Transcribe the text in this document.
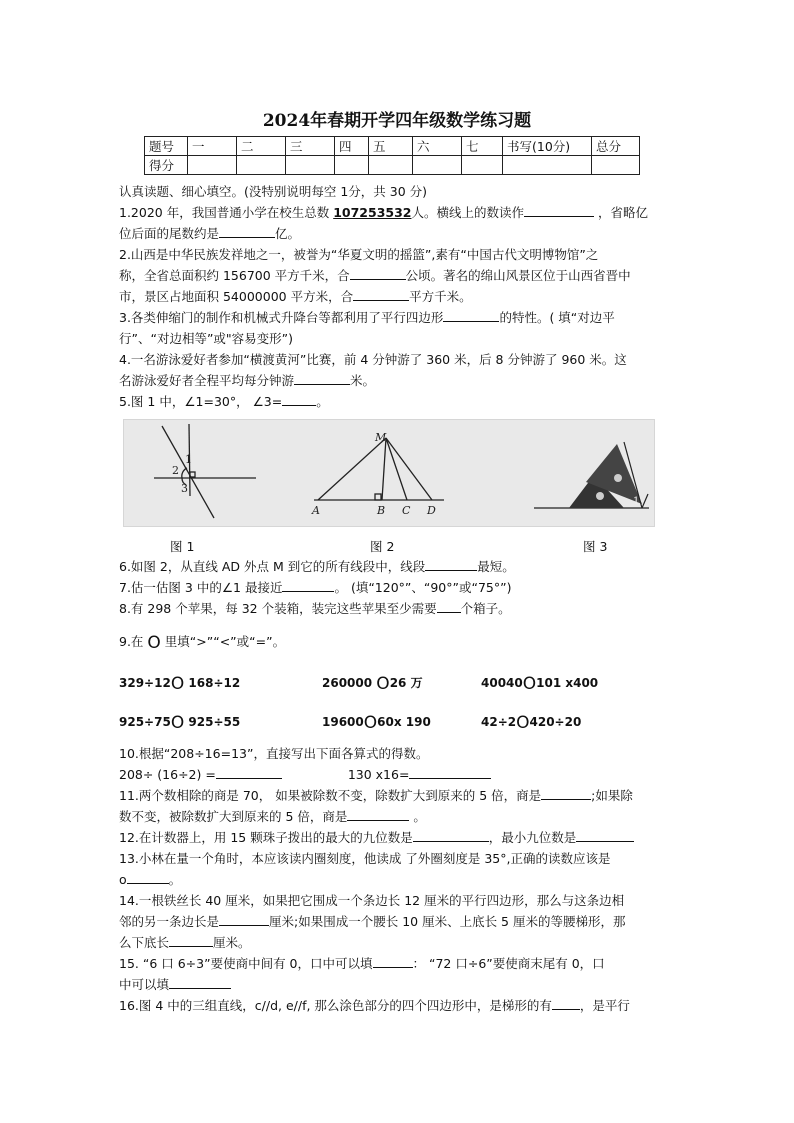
2024年春期开学四年级数学练习题
题号	一	二	三	四	五	六	七	书写(10分)	总分
得分									
认真读题、细心填空。(没特别说明每空 1分，共 30 分)
1.2020 年，我国普通小学在校生总数 107253532人。横线上的数读作	，省略亿
位后面的尾数约是	亿。
2.山西是中华民族发祥地之一，被誉为“华夏文明的摇篮”,素有“中国古代文明博物馆”之
称，全省总面积约 156700 平方千米，合	公顷。著名的绵山风景区位于山西省晋中
市，景区占地面积 54000000 平方米，合	平方千米。
3.各类伸缩门的制作和机械式升降台等都利用了平行四边形	的特性。( 填“对边平
行”、“对边相等”或"容易变形”)
4.一名游泳爱好者参加“横渡黄河”比赛，前 4 分钟游了 360 米，后 8 分钟游了 960 米。这
名游泳爱好者全程平均每分钟游	米。
5.图 1 中，∠1=30°， ∠3=	。
1
2
3
M
A	B C D
1
图 1	图 2	图 3
6.如图 2，从直线 AD 外点 M 到它的所有线段中，线段	最短。
7.估一估图 3 中的∠1 最接近	。 (填“120°”、“90°”或“75°”)
8.有 298 个苹果，每 32 个装箱，装完这些苹果至少需要 个箱子。
9.在 O 里填“>”“<”或“=”。
329÷12O 168÷12	260000 O26 万	40040O101 x400
925÷75O 925÷55	19600O60x 190	42÷2O420÷20
10.根据“208÷16=13”，直接写出下面各算式的得数。
208÷ (16÷2) =	130 x16=
11.两个数相除的商是 70， 如果被除数不变，除数扩大到原来的 5 倍，商是	;如果除
数不变，被除数扩大到原来的 5 倍，商是	。
12.在计数器上，用 15 颗珠子拨出的最大的九位数是	，最小九位数是
13.小林在量一个角时，本应该读内圈刻度，他读成 了外圈刻度是 35°,正确的读数应该是
o	。
14.一根铁丝长 40 厘米，如果把它围成一个条边长 12 厘米的平行四边形，那么与这条边相
邻的另一条边长是	厘米;如果围成一个腰长 10 厘米、上底长 5 厘米的等腰梯形，那
么下底长	厘米。
15. “6 口 6÷3”要使商中间有 0，口中可以填	： “72 口÷6”要使商末尾有 0，口
中可以填
16.图 4 中的三组直线，c//d, e//f, 那么涂色部分的四个四边形中，是梯形的有 ，是平行
